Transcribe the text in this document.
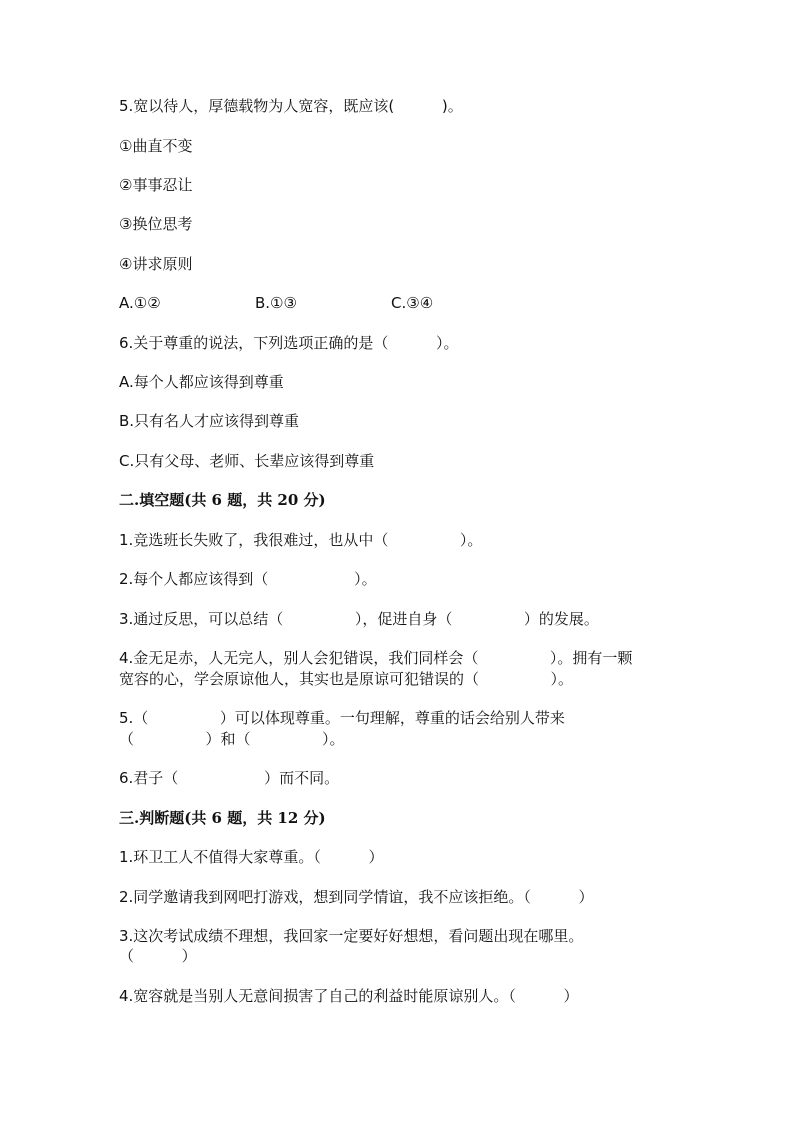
5.宽以待人，厚德载物为人宽容，既应该(          )。
①曲直不变
②事事忍让
③换位思考
④讲求原则
A.①②	B.①③	C.③④
6.关于尊重的说法，下列选项正确的是（          ）。
A.每个人都应该得到尊重
B.只有名人才应该得到尊重
C.只有父母、老师、长辈应该得到尊重
二.填空题(共 6 题，共 20 分)
1.竞选班长失败了，我很难过，也从中（               ）。
2.每个人都应该得到（                  ）。
3.通过反思，可以总结（               ），促进自身（               ）的发展。
4.金无足赤，人无完人，别人会犯错误，我们同样会（               ）。拥有一颗
宽容的心，学会原谅他人，其实也是原谅可犯错误的（               ）。
5.（               ）可以体现尊重。一句理解，尊重的话会给别人带来
（               ）和（               ）。
6.君子（                  ）而不同。
三.判断题(共 6 题，共 12 分)
1.环卫工人不值得大家尊重。（          ）
2.同学邀请我到网吧打游戏，想到同学情谊，我不应该拒绝。（          ）
3.这次考试成绩不理想，我回家一定要好好想想，看问题出现在哪里。
（          ）
4.宽容就是当别人无意间损害了自己的利益时能原谅别人。（          ）
